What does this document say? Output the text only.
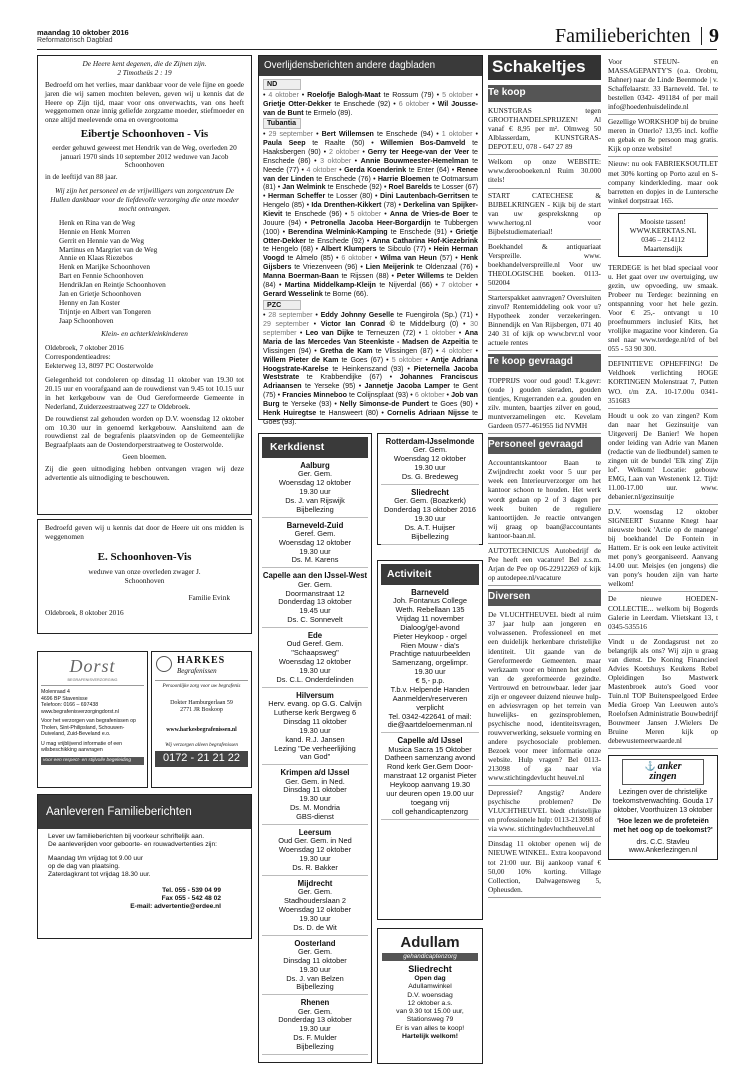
maandag 10 oktober 2016
Reformatorisch Dagblad	Familieberichten 9
De Heere kent degenen, die de Zijnen zijn.
2 Timotheüs 2 : 19
Bedroefd om het verlies, maar dankbaar voor de vele fijne en goede jaren die wij samen mochten beleven, geven wij u kennis dat de Heere op Zijn tijd, maar voor ons onverwachts, van ons heeft weggenomen onze innig geliefde zorgzame moeder, stiefmoeder en onze altijd meelevende oma en overgrootoma
Eibertje Schoonhoven - Vis
eerder gehuwd geweest met Hendrik van de Weg, overleden 20 januari 1970 sinds 10 september 2012 weduwe van Jacob Schoonhoven
in de leeftijd van 88 jaar.
Wij zijn het personeel en de vrijwilligers van zorgcentrum De Hullen dankbaar voor de liefdevolle verzorging die onze moeder mocht ontvangen.
Henk en Rina van de Weg
Hennie en Henk Morren
Gerrit en Hennie van de Weg
Martinus en Margriet van de Weg
Annie en Klaas Riezebos
Henk en Marijke Schoonhoven
Bart en Fennie Schoonhoven
HendrikJan en Reintje Schoonhoven
Jan en Grietje Schoonhoven
Henny en Jan Koster
Trijntje en Albert van Tongeren
Jaap Schoonhoven
Klein- en achterkleinkinderen
Oldebroek, 7 oktober 2016
Correspondentieadres:
Eekterweg 13, 8097 PC Oosterwolde
Gelegenheid tot condoleren op dinsdag 11 oktober van 19.30 tot 20.15 uur en voorafgaand aan de rouwdienst van 9.45 tot 10.15 uur in het kerkgebouw van de Oud Gereformeerde Gemeente in Nederland, Zuiderzeestraatweg 227 te Oldebroek.
De rouwdienst zal gehouden worden op D.V. woensdag 12 oktober om 10.30 uur in genoemd kerkgebouw. Aansluitend aan de rouwdienst zal de begrafenis plaatsvinden op de Gemeentelijke Begraafplaats aan de Oostendorperstraatweg te Oosterwolde.
Geen bloemen.
Zij die geen uitnodiging hebben ontvangen vragen wij deze advertentie als uitnodiging te beschouwen.
Bedroefd geven wij u kennis dat door de Heere uit ons midden is weggenomen
E. Schoonhoven-Vis
weduwe van onze overleden zwager J. Schoonhoven
Familie Evink
Oldebroek, 8 oktober 2016
Dorst
BEGRAFENISVERZORGING
Molenraad 4
4696 BP Stavenisse
Telefoon: 0166 – 697438
www.begrafenisverzorgingdorst.nl
Voor het verzorgen van begrafenissen op Tholen, Sint-Philipsland, Schouwen-Duiveland, Zuid-Beveland e.o.
U mag vrijblijvend informatie of een wilsbeschikking aanvragen
voor een respect- en stijlvolle begeleiding
HARKES
Begrafenissen
Persoonlijke zorg voor uw begrafenis
Dokter Hamburgerlaan 59
2771 JR Boskoop
www.harkesbegrafenissen.nl
Wij verzorgen alleen begrafenissen
0172 - 21 21 22
Aanleveren Familieberichten
Lever uw familieberichten bij voorkeur schriftelijk aan.
De aanleverijden voor geboorte- en rouwadvertenties zijn:
Maandag t/m vrijdag tot 9.00 uur
op de dag van plaatsing.
Zaterdagkrant tot vrijdag 18.30 uur.
Tel. 055 - 539 04 99
Fax 055 - 542 48 02
E-mail: advertentie@erdee.nl
Overlijdensberichten andere dagbladen
ND
• 4 oktober • Roelofje Balogh-Maat te Rossum (79) • 5 oktober • Grietje Otter-Dekker te Enschede (92) • 6 oktober • Wil Jousse-van de Bunt te Ermelo (89).
Tubantia
• 29 september • Bert Willemsen te Enschede (94) • 1 oktober • Paula Seep te Raalte (50) • Willemien Bos-Damveld te Haaksbergen (90) • 2 oktober • Gerry ter Heege-van der Veer te Enschede (86) • 3 oktober • Annie Bouwmeester-Hemelman te Neede (77) • 4 oktober • Gerda Koenderink te Enter (64) • Renee van der Linden te Enschede (76) • Harrie Bloemen te Ootmarsum (81) • Jan Welmink te Enschede (92) • Roel Barelds te Losser (67) • Herman Scheffer te Losser (80) • Dini Lautenbach-Gerritsen te Hengelo (85) • Ida Drenthen-Kikkert (78) • Derkelina van Spijker-Kievit te Enschede (96) • 5 oktober • Anna de Vries-de Boer te Jouure (94) • Petronella Jacoba Heer-Borgardijn te Tubbergen (100) • Berendina Welmink-Kamping te Enschede (91) • Grietje Otter-Dekker te Enschede (92) • Anna Catharina Hof-Kiezebrink te Hengelo (68) • Albert Klumpers te Sibculo (77) • Hein Herman Voogd te Almelo (85) • 6 oktober • Wilma van Heun (57) • Henk Gijsbers te Vriezenveen (96) • Lien Meijerink te Oldenzaal (76) • Manna Boerman-Baan te Rijssen (88) • Peter Willems te Delden (84) • Martina Middelkamp-Kleijn te Nijverdal (66) • 7 oktober • Gerard Wesselink te Borne (66).
PZC
• 28 september • Eddy Johnny Geselle te Fuengirola (Sp.) (71) • 29 september • Victor Ian Conrad © te Middelburg (0) • 30 september • Leo van Dijke te Terneuzen (72) • 1 oktober • Ana Maria de las Mercedes Van Steenkiste - Madsen de Azpeitia te Vlissingen (94) • Gretha de Kam te Vlissingen (87) • 4 oktober • Willem Pieter de Kam te Goes (67) • 5 oktober • Antje Adriana Hoogstrate-Karelse te Heinkenszand (93) • Pieternella Jacoba Weststrate te Krabbendijke (67) • Johannes Franciscus Adriaansen te Yerseke (95) • Jannetje Jacoba Lamper te Gent (75) • Francies Minneboo te Colijnsplaat (93) • 6 oktober • Job van Burg te Yerseke (93) • Nelly Simonse-de Pundert te Goes (90) • Henk Huiregtse te Hansweert (80) • Cornelis Adriaan Nijsse te Goes (93).
Kerkdienst
Aalburg
Ger. Gem.
Woensdag 12 oktober
19.30 uur
Ds. J. van Rijswijk
Bijbellezing
Barneveld-Zuid
Geref. Gem.
Woensdag 12 oktober
19.30 uur
Ds. M. Karens
Capelle aan den IJssel-West
Ger. Gem.
Doormanstraat 12
Donderdag 13 oktober
19.45 uur
Ds. C. Sonnevelt
Ede
Oud Geref. Gem.
"Schaapsweg"
Woensdag 12 oktober
19.30 uur
Ds. C.L. Onderdelinden
Hilversum
Herv. evang. op G.G. Calvijn
Lutherse kerk Bergweg 6
Dinsdag 11 oktober
19.30 uur
kand. R.J. Jansen
Lezing "De verheerlijking
van God"
Krimpen a/d IJssel
Ger. Gem. in Ned.
Dinsdag 11 oktober
19.30 uur
Ds. M. Mondria
GBS-dienst
Leersum
Oud Ger. Gem. in Ned
Woensdag 12 oktober
19.30 uur
Ds. R. Bakker
Mijdrecht
Ger. Gem.
Stadhouderslaan 2
Woensdag 12 oktober
19.30 uur
Ds. D. de Wit
Oosterland
Ger. Gem.
Dinsdag 11 oktober
19.30 uur
Ds. J. van Belzen
Bijbellezing
Rhenen
Ger. Gem.
Donderdag 13 oktober
19.30 uur
Ds. F. Mulder
Bijbellezing
Rotterdam-IJsselmonde
Ger. Gem.
Woensdag 12 oktober
19.30 uur
Ds. G. Bredeweg
Sliedrecht
Ger. Gem. (Boazkerk)
Donderdag 13 oktober 2016
19.30 uur
Ds. A.T. Huijser
Bijbellezing
Activiteit
Barneveld
Joh. Fontanus College
Weth. Rebellaan 135
Vrijdag 11 november
Dialoog/gel-avond
Pieter Heykoop - orgel
Rien Mouw - dia's
Prachtige natuurbeelden
Samenzang, orgelimpr.
19.30 uur
€ 5,- p.p.
T.b.v. Helpende Handen
Aanmelden/reserveren
verplicht
Tel. 0342-422641 of mail:
die@aartdeloemenman.nl
Capelle a/d IJssel
Musica Sacra 15 Oktober
Datheen samenzang avond
Rond kerk Ger.Gem Door-
manstraat 12 organist Pieter
Heykoop aanvang 19.30
uur deuren open 19.00 uur
toegang vrij
coll gehandicaptenzorg
Adullam
gehandicaptenzorg
Sliedrecht
Open dag
Adullamwinkel
D.V. woensdag
12 oktober a.s.
van 9.30 tot 15.00 uur,
Stationsweg 79
Er is van alles te koop!
Hartelijk welkom!
Schakeltjes
Te koop
KUNSTGRAS tegen GROOTHANDELSPRIJZEN! Al vanaf € 8,95 per m². Olmweg 50 Alblasserdam, KUNSTGRAS-DEPOT.EU, 078 - 647 27 89
Welkom op onze WEBSITE: www.derooboeken.nl Ruim 30.000 titels!
START CATECHESE & BIJBELKRINGEN - Kijk bij de start van uw gespreksknng op www.hertog.nl voor Bijbelstudiemateriaal!
Boekhandel & antiquariaat Verspreille. www. boekhandelverspreille.nl Voor uw THEOLOGISCHE boeken. 0113-502004
Starterspakket aanvragen? Oversluiten zinvol? Rentemiddeling ook voor u? Hypotheek zonder verzekeringen. Binnendijk en Van Rijsbergen, 071 40 240 31 of kijk op www.brvr.nl voor actuele rentes
Te koop gevraagd
TOPPRIJS voor oud goud! T.k.gevr: (oude ) gouden sieraden, gouden tientjes, Krugerranden e.a. gouden en zilv. munten, baartjes zilver en goud, muntverzamelingen etc. Kevelam Gardeen 0577-461955 lid NVMH
Personeel gevraagd
Accountantskantoor Baan te Zwijndrecht zoekt voor 5 uur per week een Interieurverzorger om het kantoor schoon te houden. Het werk wordt gedaan op 2 of 3 dagen per week buiten de reguliere kantoortijden. Je reactie ontvangen wij graag op baan@accountants kantoor-baan.nl.
AUTOTECHNICUS Autobedrijf de Pee heeft een vacature! Bel z.s.m. Arjan de Pee op 06-22912269 of kijk op autodepee.nl/vacature
Diversen
De VLUCHTHEUVEL biedt al ruim 37 jaar hulp aan jongeren en volwassenen. Professioneel en met een duidelijk herkenbare christelijke identiteit. Uit gaande van de Gereformeerde Gemeenten. maar werkzaam voor en binnen het geheel van de gereformeerde gezindte. Vertrouwd en betrouwbaar. leder jaar zijn er ongeveer duizend nieuwe hulp- en adviesvragen op het terrein van huwelijks- en gezinsproblemen, psychische nood, identiteitsvragen, rouwverwerking, seksuele vorming en andere psychosociale problemen. Bezoek voor meer informatie onze website. Hulp vragen? Bel 0113-213098 of ga naar via www.stichtingdevlucht heuvel.nl
Depressief? Angstig? Andere psychische problemen? De VLUCHTHEUVEL biedt christelijke en professionele hulp: 0113-213098 of via www. stichtingdevluchtheuvel.nl
Dinsdag 11 oktober openen wij de NIEUWE WINKEL. Extra koopavond tot 21:00 uur. Bij aankoop vanaf € 50,00 10% korting. Village Collection, Dalwagensweg 5, Opheusden.
Voor STEUN- en MASSAGEPANTY'S (o.a. Orobtu, Bahner) naar de Linde Beenmode | v. Schaffelaarstr. 33 Barneveld. Tel. te bestellen 0342- 491184 of per mail info@hoedenhuisdelinde.nl
Gezellige WORKSHOP bij de bruine meren in Otterlo? 13,95 incl. koffie en gebak en 8e persoon mag gratis. Kijk op onze website!
Nieuw: nu ook FABRIEKSOUTLET met 30% korting op Porto azul en S-company kinderkleding. maar ook barretten en dopjes in de Luntersche winkel dorpstraat 165.
Mooiste tassen!
WWW.KERKTAS.NL
0346 – 214112
Maartensdijk
TERDEGE is het blad speciaal voor u. Het gaat over uw overtuiging, uw gezin, uw opvoeding, uw smaak. Probeer nu Terdege: bezinning en ontspanning voor het hele gezin. Voor € 25,- ontvangt u 10 proefnummers inclusief Kits, het vrolijke magazine voor kinderen. Ga snel naar www.terdege.nl/rd of bel 055 - 53 90 300.
DEFINITIEVE OPHEFFING! De Veldhoek verlichting HOGE KORTINGEN Molenstraat 7, Putten WO. t/m ZA. 10-17.00u 0341-351683
Houdt u ook zo van zingen? Kom dan naar het Gezinsuitje van Uitgeverij De Banier! We hopen onder leiding van Adrie van Manen (redactie van de liedbundel) samen te zingen uit de bundel 'Elk zing' Zijn lof'. Welkom! Locatie: gebouw EMG, Laan van Westenenk 12. Tijd: 11.00-17.00 uur. www. debanier.nl/gezinsuitje
D.V. woensdag 12 oktober SIGNEERT Suzanne Knegt haar nieuwste boek 'Actie op de manege' bij boekhandel De Fontein in Hattem. Er is ook een leuke activiteit met pony's georganiseerd. Aanvang 14.00 uur. Meisjes (en jongens) die van pony's houden zijn van harte welkom!
De nieuwe HOEDEN-COLLECTIE... welkom bij Bogerds Galerie in Leerdam. Vlietskant 13, t 0345-535516
Vindt u de Zondagsrust net zo belangrijk als ons? Wij zijn u graag van dienst. De Koning Financieel Advies Koetshuys Keukens Rebel Opleidingen Iso Mastwerk Mastenbroek auto's Goed voor Tuin.nl TOP Buitenspeelgoed Erdee Media Groep Van Leeuwen auto's Roelofsen Administratie Bouwbedrijf Bouwmeer Jansen J.Wielers De Bruine Meren kijk op debewustemeerwaarde.nl
⚓ anker
zingen
Lezingen over de christelijke toekomstverwachting. Gouda 17 oktober, Voorthuizen 13 oktober
'Hoe lezen we de profeteiën met het oog op de toekomst?'
drs. C.C. Stavleu
www.Ankerlezingen.nl
